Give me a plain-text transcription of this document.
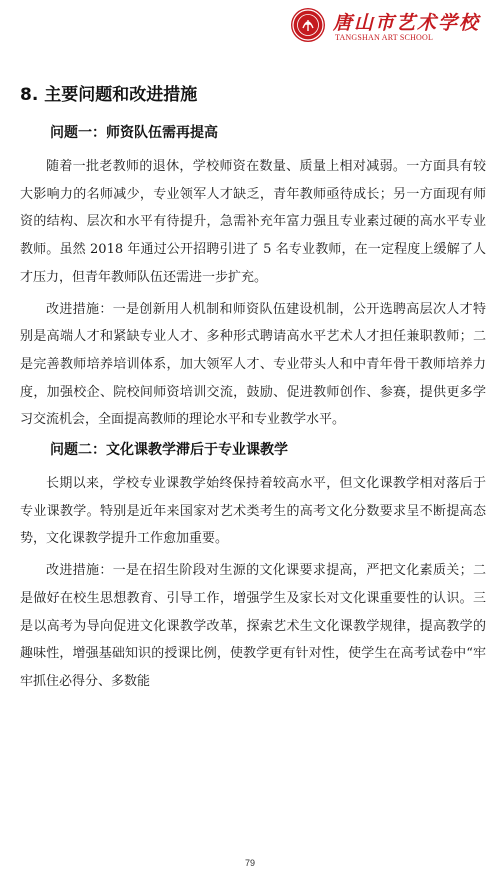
唐山市艺术学校
TANGSHAN ART SCHOOL
8. 主要问题和改进措施
问题一：师资队伍需再提高

随着一批老教师的退休，学校师资在数量、质量上相对减弱。一方面具有较大影响力的名师减少，专业领军人才缺乏，青年教师亟待成长；另一方面现有师资的结构、层次和水平有待提升，急需补充年富力强且专业素过硬的高水平专业教师。虽然 2018 年通过公开招聘引进了 5 名专业教师，在一定程度上缓解了人才压力，但青年教师队伍还需进一步扩充。

改进措施：一是创新用人机制和师资队伍建设机制，公开选聘高层次人才特别是高端人才和紧缺专业人才、多种形式聘请高水平艺术人才担任兼职教师；二是完善教师培养培训体系，加大领军人才、专业带头人和中青年骨干教师培养力度，加强校企、院校间师资培训交流，鼓励、促进教师创作、参赛，提供更多学习交流机会，全面提高教师的理论水平和专业教学水平。

问题二：文化课教学滞后于专业课教学

长期以来，学校专业课教学始终保持着较高水平，但文化课教学相对落后于专业课教学。特别是近年来国家对艺术类考生的高考文化分数要求呈不断提高态势，文化课教学提升工作愈加重要。

改进措施：一是在招生阶段对生源的文化课要求提高，严把文化素质关；二是做好在校生思想教育、引导工作，增强学生及家长对文化课重要性的认识。三是以高考为导向促进文化课教学改革，探索艺术生文化课教学规律，提高教学的趣味性，增强基础知识的授课比例，使教学更有针对性，使学生在高考试卷中“牢牢抓住必得分、多数能

79
